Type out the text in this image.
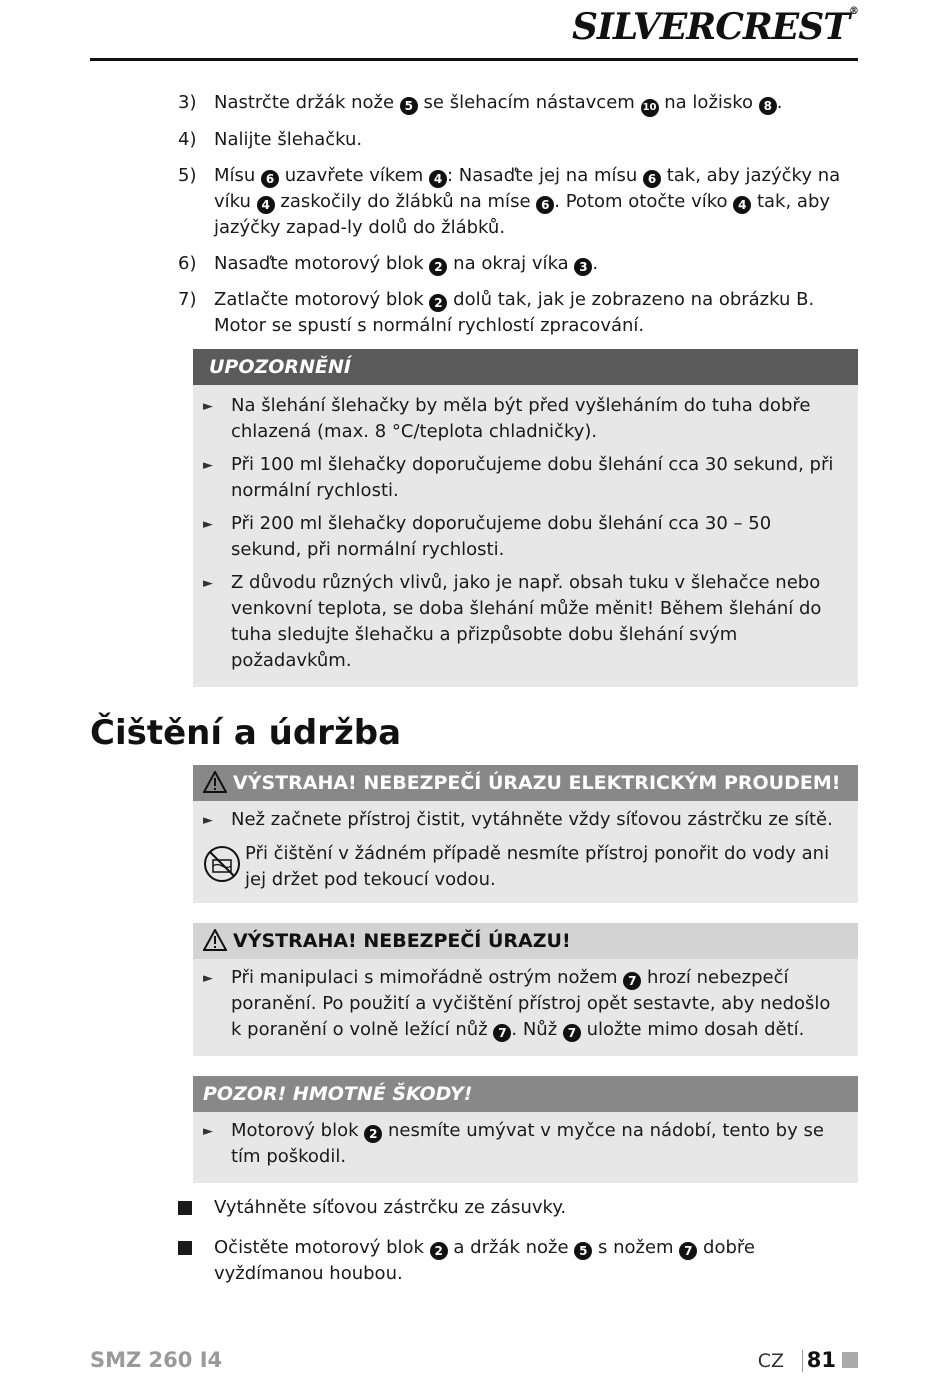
SILVERCREST®
3) Nastrčte držák nože 5 se šlehacím nástavcem 10 na ložisko 8 .
4) Nalijte šlehačku.
5) Mísu 6 uzavřete víkem 4 : Nasaďte jej na mísu 6 tak, aby jazýčky na víku 4 zaskočily do žlábků na míse 6 . Potom otočte víko 4 tak, aby jazýčky zapad-ly dolů do žlábků.
6) Nasaďte motorový blok 2 na okraj víka 3 .
7) Zatlačte motorový blok 2 dolů tak, jak je zobrazeno na obrázku B. Motor se spustí s normální rychlostí zpracování.
UPOZORNĚNÍ
►	Na šlehání šlehačky by měla být před vyšleháním do tuha dobře chlazená (max. 8 °C/teplota chladničky).
►	Při 100 ml šlehačky doporučujeme dobu šlehání cca 30 sekund, při normální rychlosti.
►	Při 200 ml šlehačky doporučujeme dobu šlehání cca 30 – 50 sekund, při normální rychlosti.
►	Z důvodu různých vlivů, jako je např. obsah tuku v šlehačce nebo venkovní teplota, se doba šlehání může měnit! Během šlehání do tuha sledujte šlehačku a přizpůsobte dobu šlehání svým požadavkům.
Čištění a údržba
VÝSTRAHA! NEBEZPEČÍ ÚRAZU ELEKTRICKÝM PROUDEM!
►	Než začnete přístroj čistit, vytáhněte vždy síťovou zástrčku ze sítě.
Při čištění v žádném případě nesmíte přístroj ponořit do vody ani jej držet pod tekoucí vodou.
VÝSTRAHA! NEBEZPEČÍ ÚRAZU!
►	Při manipulaci s mimořádně ostrým nožem 7 hrozí nebezpečí poranění. Po použití a vyčištění přístroj opět sestavte, aby nedošlo k poranění o volně ležící nůž 7 . Nůž 7 uložte mimo dosah dětí.
POZOR! HMOTNÉ ŠKODY!
►	Motorový blok 2 nesmíte umývat v myčce na nádobí, tento by se tím poškodil.
Vytáhněte síťovou zástrčku ze zásuvky.
Očistěte motorový blok 2 a držák nože 5 s nožem 7 dobře vyždímanou houbou.
SMZ 260 I4	CZ 81
